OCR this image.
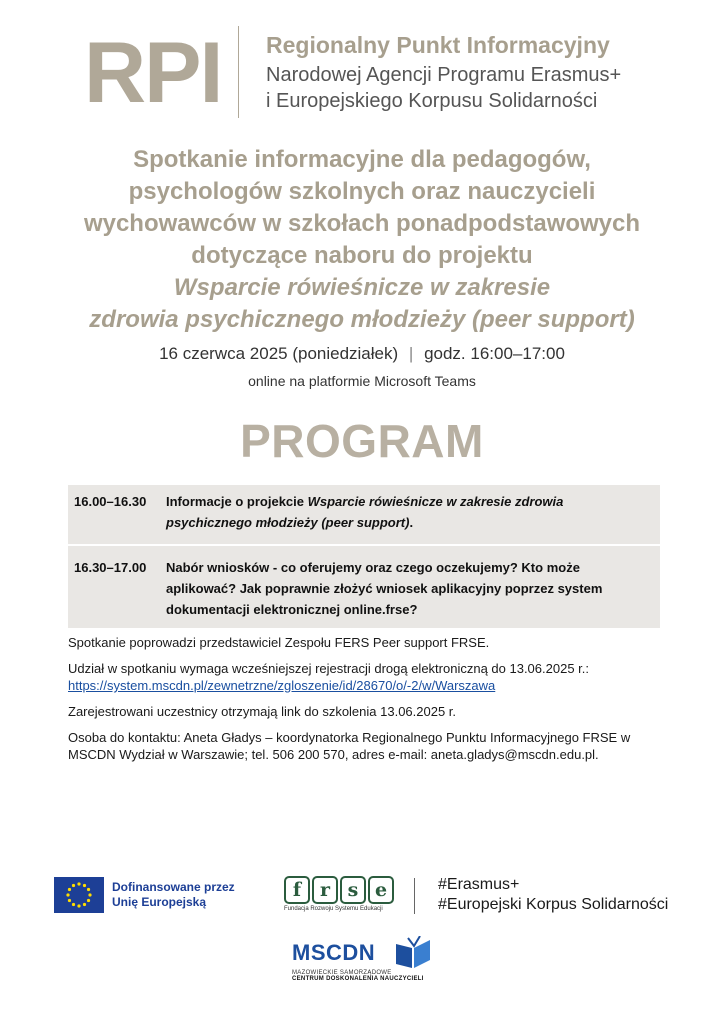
RPI Regionalny Punkt Informacyjny
Narodowej Agencji Programu Erasmus+
i Europejskiego Korpusu Solidarności
Spotkanie informacyjne dla pedagogów,
psychologów szkolnych oraz nauczycieli
wychowawców w szkołach ponadpodstawowych
dotyczące naboru do projektu
Wsparcie rówieśnicze w zakresie
zdrowia psychicznego młodzieży (peer support)
16 czerwca 2025 (poniedziałek) | godz. 16:00–17:00
online na platformie Microsoft Teams
PROGRAM
16.00–16.30	Informacje o projekcie Wsparcie rówieśnicze w zakresie zdrowia psychicznego młodzieży (peer support).
16.30–17.00	Nabór wniosków - co oferujemy oraz czego oczekujemy? Kto może aplikować? Jak poprawnie złożyć wniosek aplikacyjny poprzez system dokumentacji elektronicznej online.frse?

Spotkanie poprowadzi przedstawiciel Zespołu FERS Peer support FRSE.

Udział w spotkaniu wymaga wcześniejszej rejestracji drogą elektroniczną do 13.06.2025 r.:
https://system.mscdn.pl/zewnetrzne/zgloszenie/id/28670/o/-2/w/Warszawa

Zarejestrowani uczestnicy otrzymają link do szkolenia 13.06.2025 r.

Osoba do kontaktu: Aneta Gładys – koordynatorka Regionalnego Punktu Informacyjnego FRSE w MSCDN Wydział w Warszawie; tel. 506 200 570, adres e-mail: aneta.gladys@mscdn.edu.pl.

Dofinansowane przez
Unię Europejską
f r s e
Fundacja Rozwoju Systemu Edukacji
#Erasmus+
#Europejski Korpus Solidarności
MSCDN
MAZOWIECKIE SAMORZĄDOWE
CENTRUM DOSKONALENIA NAUCZYCIELI
